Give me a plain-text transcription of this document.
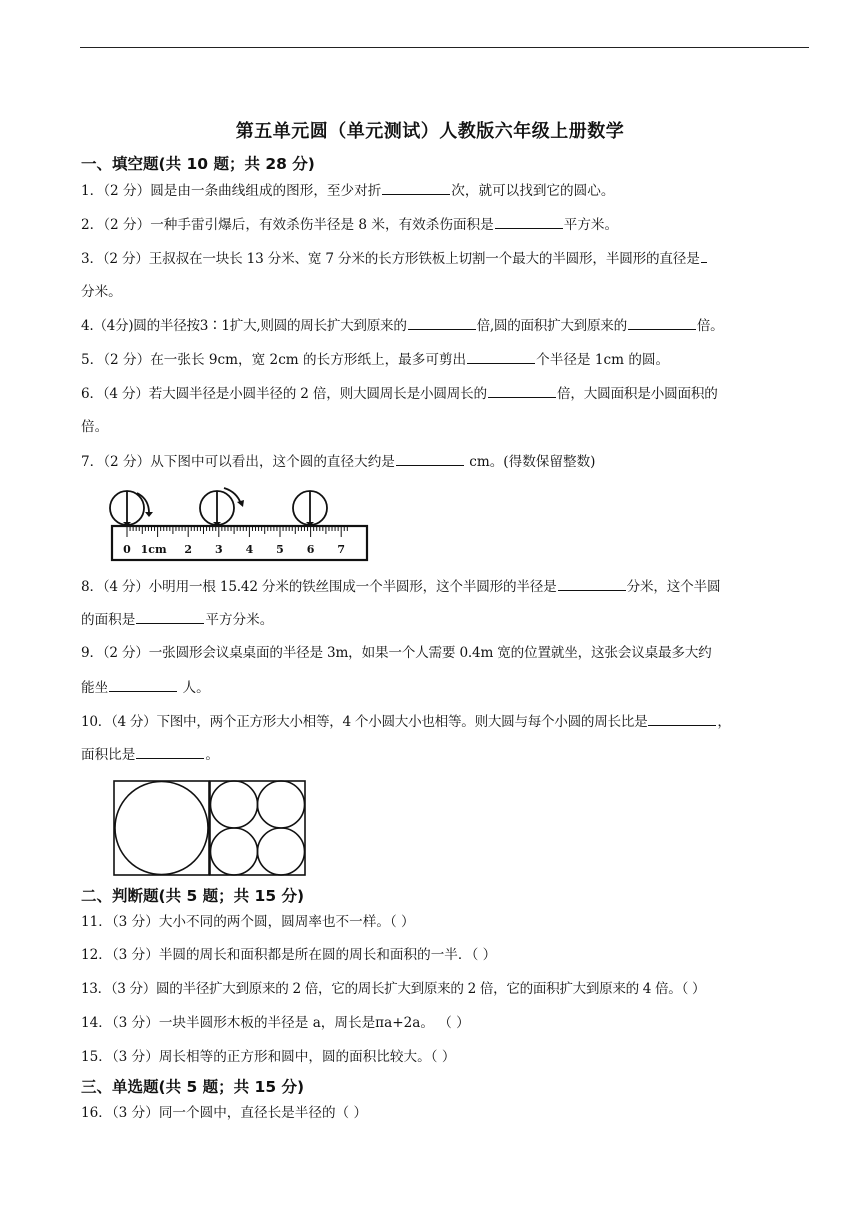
第五单元圆（单元测试）人教版六年级上册数学
一、填空题(共 10 题；共 28 分)
1．（2 分）圆是由一条曲线组成的图形，至少对折	次，就可以找到它的圆心。
2．（2 分）一种手雷引爆后，有效杀伤半径是 8 米，有效杀伤面积是	平方米。
3．（2 分）王叔叔在一块长 13 分米、宽 7 分米的长方形铁板上切割一个最大的半圆形，半圆形的直径是
分米。
4.（4分)圆的半径按3∶1扩大,则圆的周长扩大到原来的	倍,圆的面积扩大到原来的	倍。
5．（2 分）在一张长 9cm，宽 2cm 的长方形纸上，最多可剪出	个半径是 1cm 的圆。
6．（4 分）若大圆半径是小圆半径的 2 倍，则大圆周长是小圆周长的	倍，大圆面积是小圆面积的
倍。
7．（2 分）从下图中可以看出，这个圆的直径大约是	cm。(得数保留整数)
0 1cm 2 3 4 5 6 7
8．（4 分）小明用一根 15.42 分米的铁丝围成一个半圆形，这个半圆形的半径是	分米，这个半圆
的面积是	平方分米。
9．（2 分）一张圆形会议桌桌面的半径是 3m，如果一个人需要 0.4m 宽的位置就坐，这张会议桌最多大约
能坐	人。
10．（4 分）下图中，两个正方形大小相等，4 个小圆大小也相等。则大圆与每个小圆的周长比是	，
面积比是	。
二、判断题(共 5 题；共 15 分)
11．（3 分）大小不同的两个圆，圆周率也不一样。（ ）
12．（3 分）半圆的周长和面积都是所在圆的周长和面积的一半．（ ）
13．（3 分）圆的半径扩大到原来的 2 倍，它的周长扩大到原来的 2 倍，它的面积扩大到原来的 4 倍。（ ）
14．（3 分）一块半圆形木板的半径是 a，周长是πa+2a。 （ ）
15．（3 分）周长相等的正方形和圆中，圆的面积比较大。（ ）
三、单选题(共 5 题；共 15 分)
16．（3 分）同一个圆中，直径长是半径的（ ）
